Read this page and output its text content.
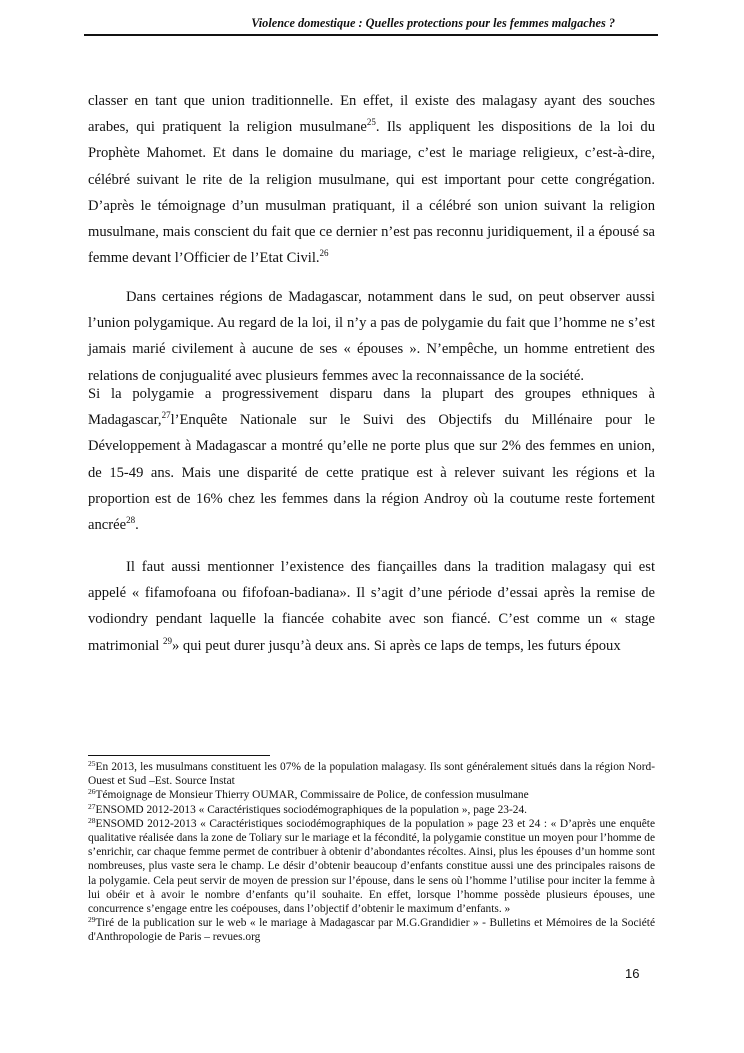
Violence domestique : Quelles protections pour les femmes malgaches ?

classer en tant que union traditionnelle. En effet, il existe des malagasy ayant des souches arabes, qui pratiquent la religion musulmane$^{25}$. Ils appliquent les dispositions de la loi du Prophète Mahomet. Et dans le domaine du mariage, c’est le mariage religieux, c’est-à-dire, célébré suivant le rite de la religion musulmane, qui est important pour cette congrégation. D’après le témoignage d’un musulman pratiquant, il a célébré son union suivant la religion musulmane, mais conscient du fait que ce dernier n’est pas reconnu juridiquement, il a épousé sa femme devant l’Officier de l’Etat Civil.$^{26}$

Dans certaines régions de Madagascar, notamment dans le sud, on peut observer aussi l’union polygamique. Au regard de la loi, il n’y a pas de polygamie du fait que l’homme ne s’est jamais marié civilement à aucune de ses « épouses ». N’empêche, un homme entretient des relations de conjugualité avec plusieurs femmes avec la reconnaissance de la société.

Si la polygamie a progressivement disparu dans la plupart des groupes ethniques à Madagascar,$^{27}$l’Enquête Nationale sur le Suivi des Objectifs du Millénaire pour le Développement à Madagascar a montré qu’elle ne porte plus que sur 2% des femmes en union, de 15-49 ans. Mais une disparité de cette pratique est à relever suivant les régions et la proportion est de 16% chez les femmes dans la région Androy où la coutume reste fortement ancrée$^{28}$.

Il faut aussi mentionner l’existence des fiançailles dans la tradition malagasy qui est appelé « fifamofoana ou fifofoan-badiana». Il s’agit d’une période d’essai après la remise de vodiondry pendant laquelle la fiancée cohabite avec son fiancé. C’est comme un « stage matrimonial $^{29}$» qui peut durer jusqu’à deux ans. Si après ce laps de temps, les futurs époux

$^{25}$En 2013, les musulmans constituent les 07% de la population malagasy. Ils sont généralement situés dans la région Nord-Ouest et Sud –Est. Source Instat

$^{26}$Témoignage de Monsieur Thierry OUMAR, Commissaire de Police, de confession musulmane

$^{27}$ENSOMD 2012-2013 « Caractéristiques sociodémographiques de la population », page 23-24.

$^{28}$ENSOMD 2012-2013 « Caractéristiques sociodémographiques de la population » page 23 et 24 : « D’après une enquête qualitative réalisée dans la zone de Toliary sur le mariage et la fécondité, la polygamie constitue un moyen pour l’homme de s’enrichir, car chaque femme permet de contribuer à obtenir d’abondantes récoltes. Ainsi, plus les épouses d’un homme sont nombreuses, plus vaste sera le champ. Le désir d’obtenir beaucoup d’enfants constitue aussi une des principales raisons de la polygamie. Cela peut servir de moyen de pression sur l’épouse, dans le sens où l’homme l’utilise pour inciter la femme à lui obéir et à avoir le nombre d’enfants qu’il souhaite. En effet, lorsque l’homme possède plusieurs épouses, une concurrence s’engage entre les coépouses, dans l’objectif d’obtenir le maximum d’enfants. »

$^{29}$Tiré de la publication sur le web « le mariage à Madagascar par M.G.Grandidier » - Bulletins et Mémoires de la Société d'Anthropologie de Paris – revues.org

16
